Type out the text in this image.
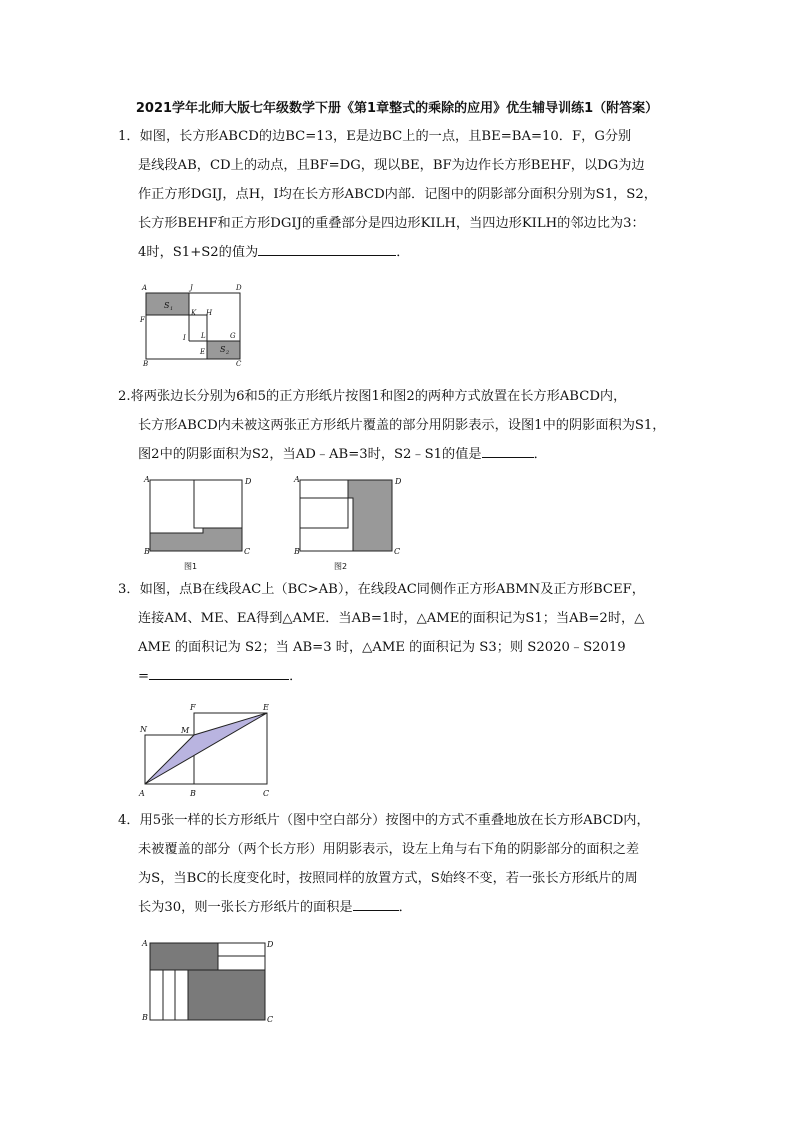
2021学年北师大版七年级数学下册《第1章整式的乘除的应用》优生辅导训练1（附答案）
1．如图，长方形ABCD的边BC=13，E是边BC上的一点，且BE=BA=10．F，G分别
是线段AB，CD上的动点，且BF=DG，现以BE，BF为边作长方形BEHF，以DG为边
作正方形DGIJ，点H，I均在长方形ABCD内部．记图中的阴影部分面积分别为S1，S2，
长方形BEHF和正方形DGIJ的重叠部分是四边形KILH，当四边形KILH的邻边比为3：
4时，S1+S2的值为	．
A	J	D
S 1
F
K H
I L	G
E S 2
B	C
2.将两张边长分别为6和5的正方形纸片按图1和图2的两种方式放置在长方形ABCD内，
长方形ABCD内未被这两张正方形纸片覆盖的部分用阴影表示，设图1中的阴影面积为S1，
图2中的阴影面积为S2，当AD﹣AB=3时，S2﹣S1的值是	．
A	D
B	C
图1
A	D
B	C
图2
3．如图，点B在线段AC上（BC>AB），在线段AC同侧作正方形ABMN及正方形BCEF，
连接AM、ME、EA得到△AME．当AB=1时，△AME的面积记为S1；当AB=2时，△
AME 的面积记为 S2；当 AB=3 时，△AME 的面积记为 S3；则 S2020﹣S2019
=	．
N	M
F	E
A	B	C
4．用5张一样的长方形纸片（图中空白部分）按图中的方式不重叠地放在长方形ABCD内，
未被覆盖的部分（两个长方形）用阴影表示，设左上角与右下角的阴影部分的面积之差
为S，当BC的长度变化时，按照同样的放置方式，S始终不变，若一张长方形纸片的周
长为30，则一张长方形纸片的面积是	．
A	D
B	C
